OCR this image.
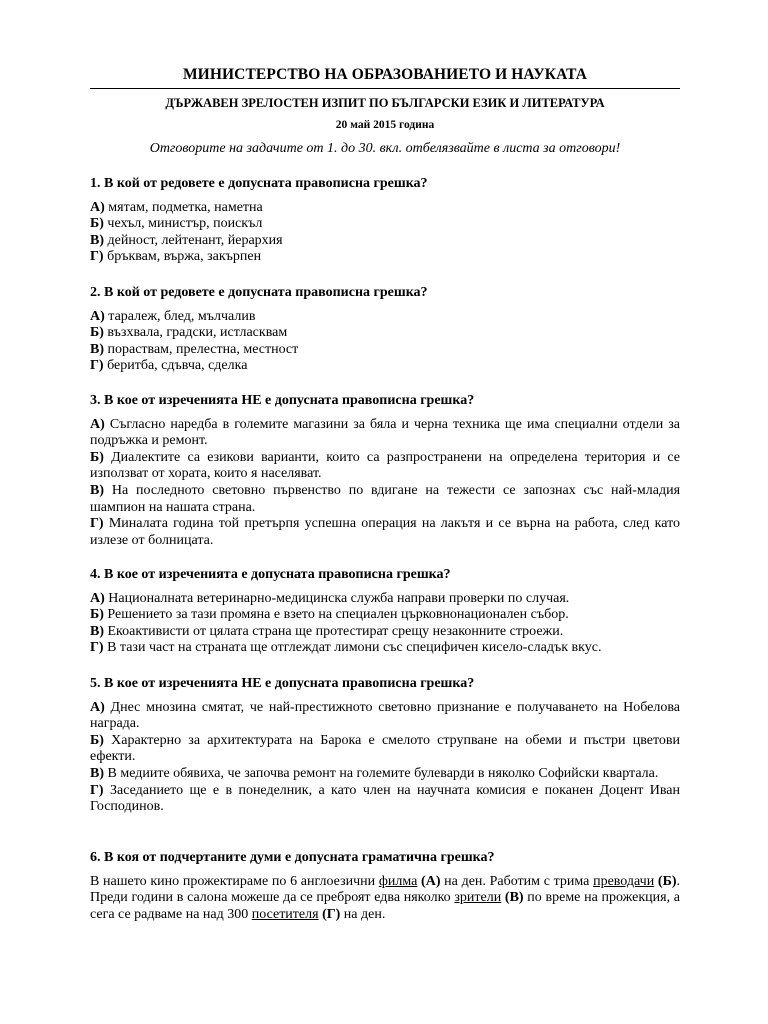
МИНИСТЕРСТВО НА ОБРАЗОВАНИЕТО И НАУКАТА
ДЪРЖАВЕН ЗРЕЛОСТЕН ИЗПИТ ПО БЪЛГАРСКИ ЕЗИК И ЛИТЕРАТУРА
20 май 2015 година
Отговорите на задачите от 1. до 30. вкл. отбелязвайте в листа за отговори!
1. В кой от редовете е допусната правописна грешка?
А) мятам, подметка, наметна
Б) чехъл, министър, поискъл
В) дейност, лейтенант, йерархия
Г) бръквам, вържа, закърпен
2. В кой от редовете е допусната правописна грешка?
А) таралеж, блед, мълчалив
Б) възхвала, градски, истласквам
В) пораствам, прелестна, местност
Г) беритба, сдъвча, сделка
3. В кое от изреченията НЕ е допусната правописна грешка?
А) Съгласно наредба в големите магазини за бяла и черна техника ще има специални отдели за подръжка и ремонт.
Б) Диалектите са езикови варианти, които са разпространени на определена територия и се използват от хората, които я населяват.
В) На последното световно първенство по вдигане на тежести се запознах със най-младия шампион на нашата страна.
Г) Миналата година той претърпя успешна операция на лакътя и се върна на работа, след като излезе от болницата.
4. В кое от изреченията е допусната правописна грешка?
А) Националната ветеринарно-медицинска служба направи проверки по случая.
Б) Решението за тази промяна е взето на специален църковнонационален събор.
В) Екоактивисти от цялата страна ще протестират срещу незаконните строежи.
Г) В тази част на страната ще отглеждат лимони със специфичен кисело-сладък вкус.
5. В кое от изреченията НЕ е допусната правописна грешка?
А) Днес мнозина смятат, че най-престижното световно признание е получаването на Нобелова награда.
Б) Характерно за архитектурата на Барока е смелото струпване на обеми и пъстри цветови ефекти.
В) В медиите обявиха, че започва ремонт на големите булеварди в няколко Софийски квартала.
Г) Заседанието ще е в понеделник, а като член на научната комисия е поканен Доцент Иван Господинов.
6. В коя от подчертаните думи е допусната граматична грешка?
В нашето кино прожектираме по 6 англоезични филма (А) на ден. Работим с трима преводачи (Б). Преди години в салона можеше да се преброят едва няколко зрители (В) по време на прожекция, а сега се радваме на над 300 посетителя (Г) на ден.
